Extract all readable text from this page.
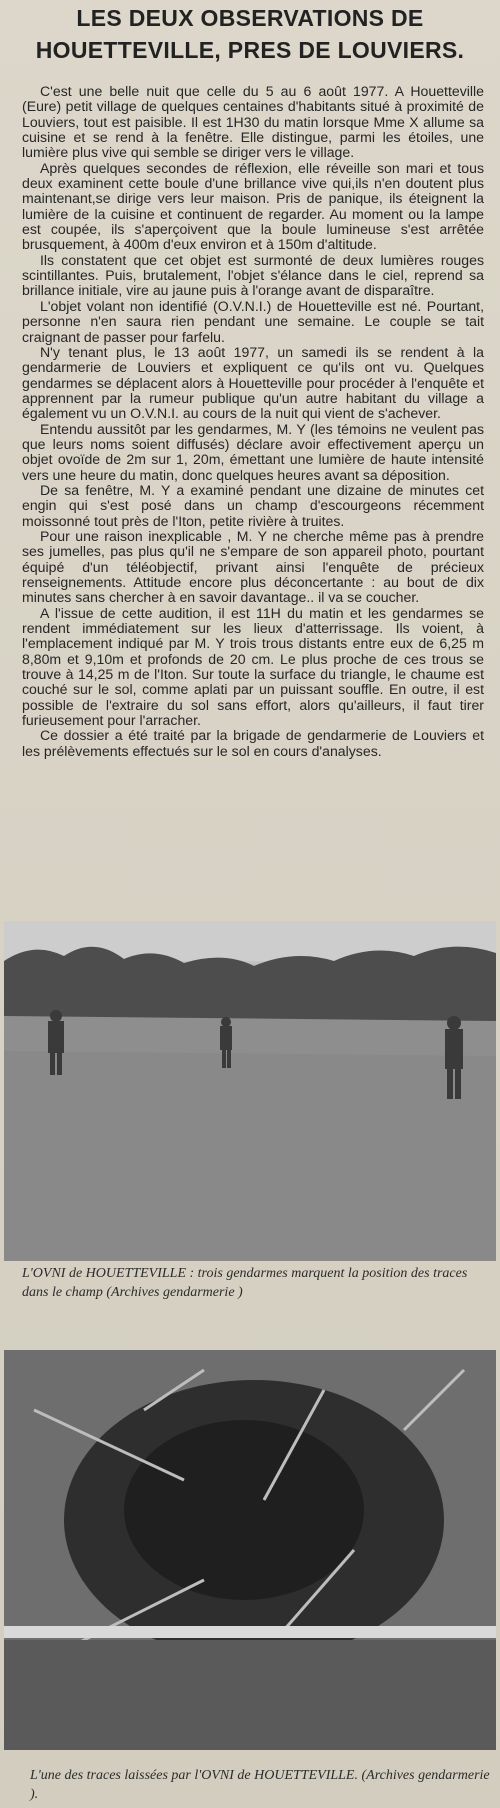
LES DEUX OBSERVATIONS DE
HOUETTEVILLE, PRES DE LOUVIERS.

C'est une belle nuit que celle du 5 au 6 août 1977. A Houetteville (Eure) petit village de quelques centaines d'habitants situé à proximité de Louviers, tout est paisible. Il est 1H30 du matin lorsque Mme X allume sa cuisine et se rend à la fenêtre. Elle distingue, parmi les étoiles, une lumière plus vive qui semble se diriger vers le village.

Après quelques secondes de réflexion, elle réveille son mari et tous deux examinent cette boule d'une brillance vive qui,ils n'en doutent plus maintenant,se dirige vers leur maison. Pris de panique, ils éteignent la lumière de la cuisine et continuent de regarder. Au moment ou la lampe est coupée, ils s'aperçoivent que la boule lumineuse s'est arrêtée brusquement, à 400m d'eux environ et à 150m d'altitude.

Ils constatent que cet objet est surmonté de deux lumières rouges scintillantes. Puis, brutalement, l'objet s'élance dans le ciel, reprend sa brillance initiale, vire au jaune puis à l'orange avant de disparaître.

L'objet volant non identifié (O.V.N.I.) de Houetteville est né. Pourtant, personne n'en saura rien pendant une semaine. Le couple se tait craignant de passer pour farfelu.

N'y tenant plus, le 13 août 1977, un samedi ils se rendent à la gendarmerie de Louviers et expliquent ce qu'ils ont vu. Quelques gendarmes se déplacent alors à Houetteville pour procéder à l'enquête et apprennent par la rumeur publique qu'un autre habitant du village a également vu un O.V.N.I. au cours de la nuit qui vient de s'achever.

Entendu aussitôt par les gendarmes, M. Y (les témoins ne veulent pas que leurs noms soient diffusés) déclare avoir effectivement aperçu un objet ovoïde de 2m sur 1, 20m, émettant une lumière de haute intensité vers une heure du matin, donc quelques heures avant sa déposition.

De sa fenêtre, M. Y a examiné pendant une dizaine de minutes cet engin qui s'est posé dans un champ d'escourgeons récemment moissonné tout près de l'Iton, petite rivière à truites.

Pour une raison inexplicable , M. Y ne cherche même pas à prendre ses jumelles, pas plus qu'il ne s'empare de son appareil photo, pourtant équipé d'un téléobjectif, privant ainsi l'enquête de précieux renseignements. Attitude encore plus déconcertante : au bout de dix minutes sans chercher à en savoir davantage.. il va se coucher.

A l'issue de cette audition, il est 11H du matin et les gendarmes se rendent immédiatement sur les lieux d'atterrissage. Ils voient, à l'emplacement indiqué par M. Y trois trous distants entre eux de 6,25 m 8,80m et 9,10m et profonds de 20 cm. Le plus proche de ces trous se trouve à 14,25 m de l'Iton. Sur toute la surface du triangle, le chaume est couché sur le sol, comme aplati par un puissant souffle. En outre, il est possible de l'extraire du sol sans effort, alors qu'ailleurs, il faut tirer furieusement pour l'arracher.

Ce dossier a été traité par la brigade de gendarmerie de Louviers et les prélèvements effectués sur le sol en cours d'analyses.

L'OVNI de HOUETTEVILLE : trois gendarmes marquent la position des traces dans le champ (Archives gendarmerie )
L'une des traces laissées par l'OVNI de HOUETTEVILLE. (Archives gendarmerie ).
